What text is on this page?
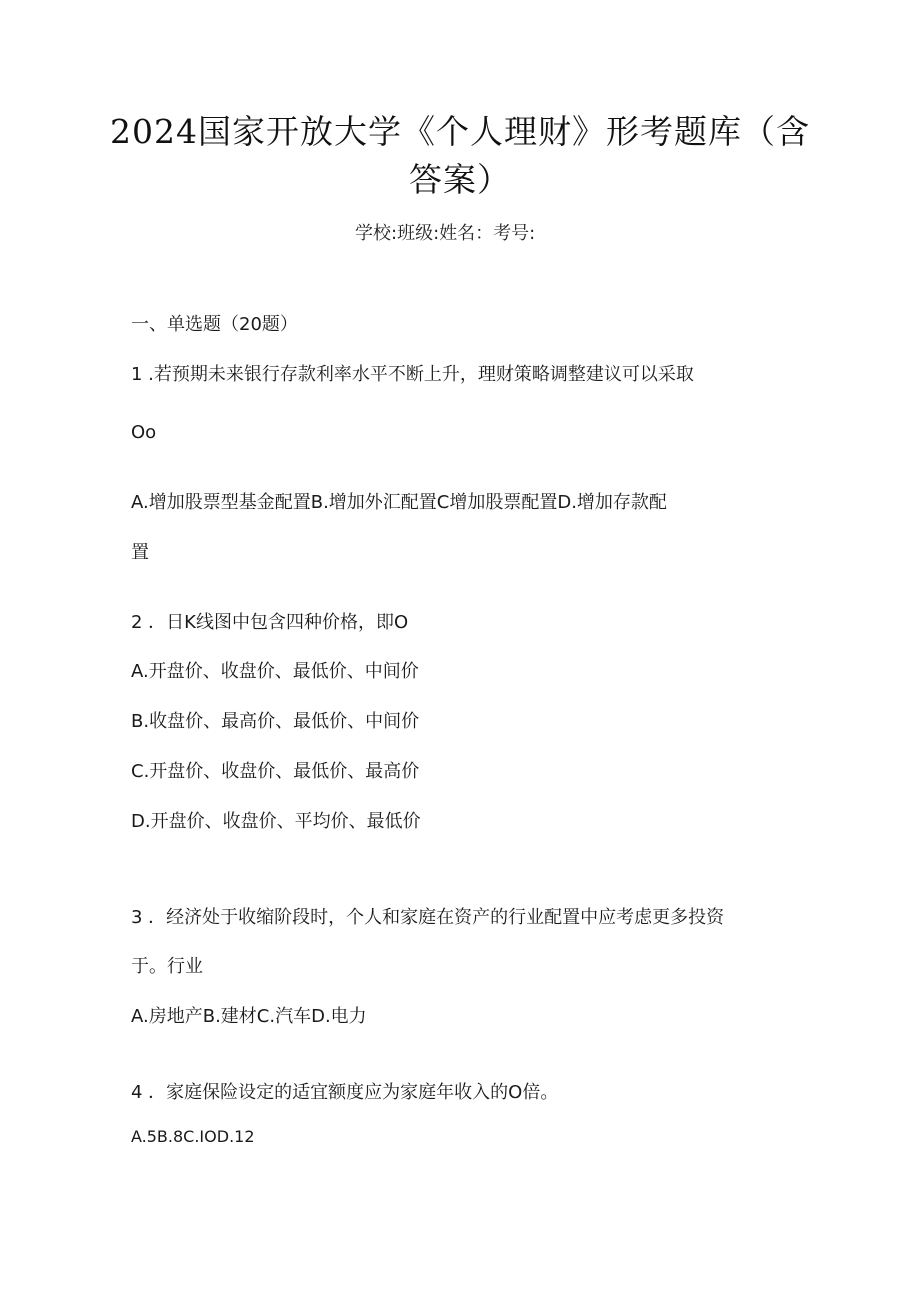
2024国家开放大学《个人理财》形考题库（含
答案）
学校:班级:姓名：考号:
一、单选题（20题）
1 .若预期未来银行存款利率水平不断上升，理财策略调整建议可以采取
Oo
A.增加股票型基金配置B.增加外汇配置C增加股票配置D.增加存款配
置
2 ．日K线图中包含四种价格，即O
A.开盘价、收盘价、最低价、中间价
B.收盘价、最高价、最低价、中间价
C.开盘价、收盘价、最低价、最高价
D.开盘价、收盘价、平均价、最低价
3 ．经济处于收缩阶段时，个人和家庭在资产的行业配置中应考虑更多投资
于。行业
A.房地产B.建材C.汽车D.电力
4 ．家庭保险设定的适宜额度应为家庭年收入的O倍。
A.5B.8C.IOD.12
